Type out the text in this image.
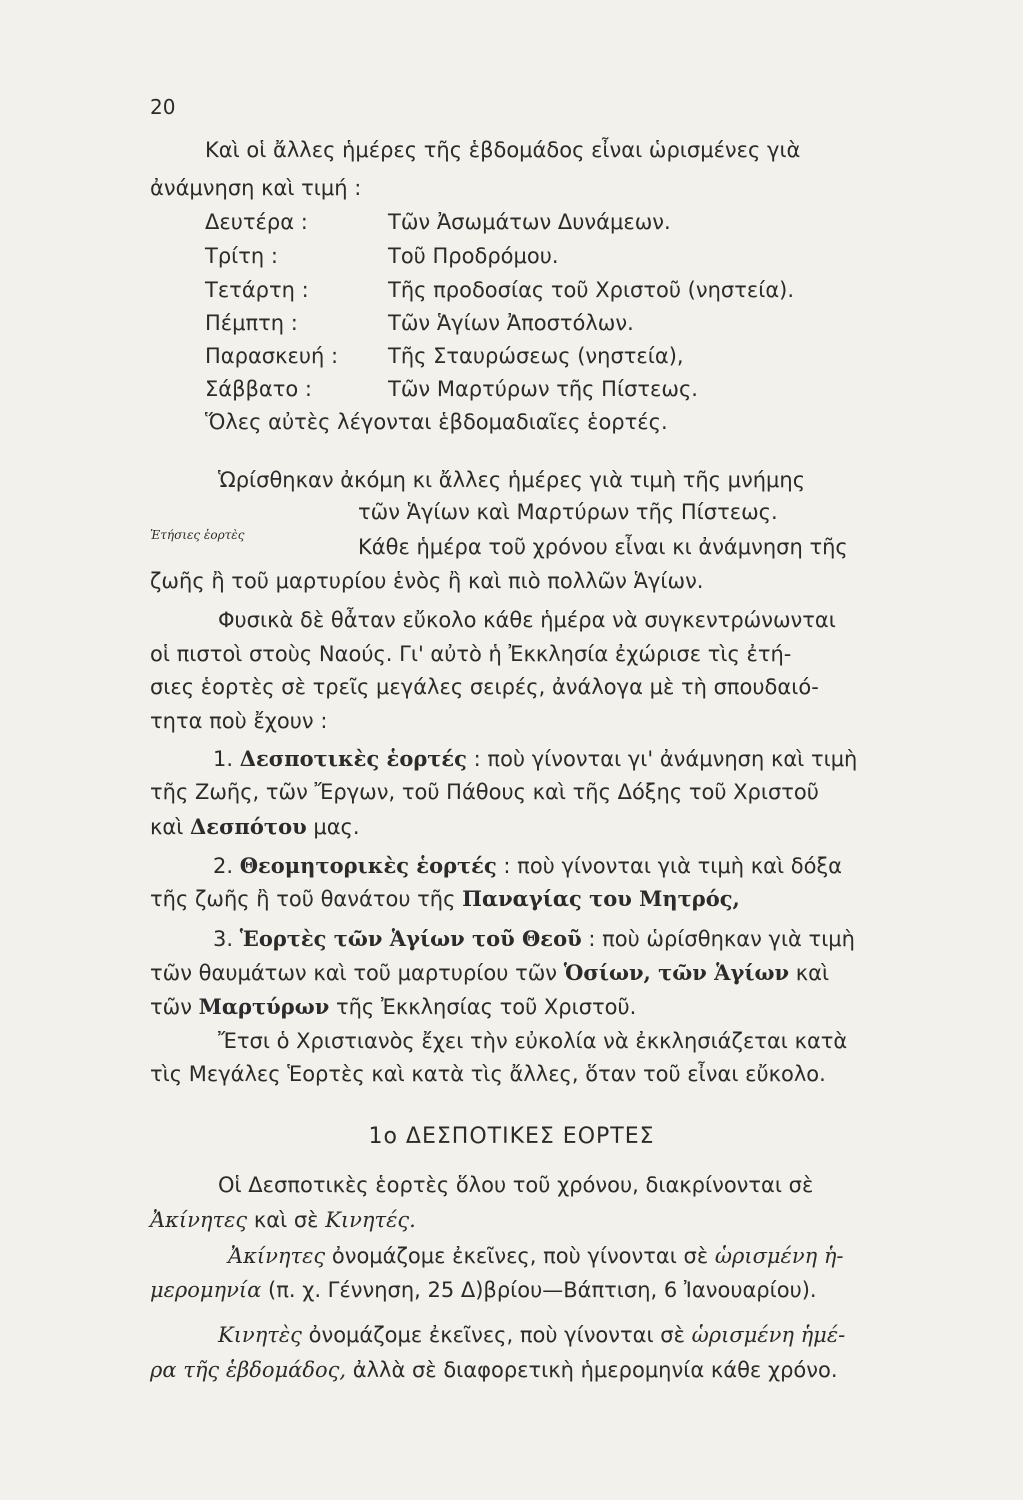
20
Καὶ οἱ ἄλλες ἡμέρες τῆς ἑβδομάδος εἶναι ὡρισμένες γιὰ
ἀνάμνηση καὶ τιμή :
Δευτέρα :	Τῶν Ἀσωμάτων Δυνάμεων.
Τρίτη :	Τοῦ Προδρόμου.
Τετάρτη :	Τῆς προδοσίας τοῦ Χριστοῦ (νηστεία).
Πέμπτη :	Τῶν Ἁγίων Ἀποστόλων.
Παρασκευή : Τῆς Σταυρώσεως (νηστεία),
Σάββατο :	Τῶν Μαρτύρων τῆς Πίστεως.
Ὅλες αὐτὲς λέγονται ἑβδομαδιαῖες ἑορτές.
Ὡρίσθηκαν ἀκόμη κι ἄλλες ἡμέρες γιὰ τιμὴ τῆς μνήμης
τῶν Ἁγίων καὶ Μαρτύρων τῆς Πίστεως.
Ἐτήσιες ἑορτὲς	Κάθε ἡμέρα τοῦ χρόνου εἶναι κι ἀνάμνηση τῆς
ζωῆς ἢ τοῦ μαρτυρίου ἑνὸς ἢ καὶ πιὸ πολλῶν Ἁγίων.
Φυσικὰ δὲ θἆταν εὔκολο κάθε ἡμέρα νὰ συγκεντρώνωνται
οἱ πιστοὶ στοὺς Ναούς. Γι' αὐτὸ ἡ Ἐκκλησία ἐχώρισε τὶς ἐτή-
σιες ἑορτὲς σὲ τρεῖς μεγάλες σειρές, ἀνάλογα μὲ τὴ σπουδαιό-
τητα ποὺ ἔχουν :
1. Δεσποτικὲς ἑορτές : ποὺ γίνονται γι' ἀνάμνηση καὶ τιμὴ
τῆς Ζωῆς, τῶν Ἔργων, τοῦ Πάθους καὶ τῆς Δόξης τοῦ Χριστοῦ
καὶ Δεσπότου μας.
2. Θεομητορικὲς ἑορτές : ποὺ γίνονται γιὰ τιμὴ καὶ δόξα
τῆς ζωῆς ἢ τοῦ θανάτου τῆς Παναγίας του Μητρός,
3. Ἑορτὲς τῶν Ἁγίων τοῦ Θεοῦ : ποὺ ὡρίσθηκαν γιὰ τιμὴ
τῶν θαυμάτων καὶ τοῦ μαρτυρίου τῶν Ὁσίων, τῶν Ἁγίων καὶ
τῶν Μαρτύρων τῆς Ἐκκλησίας τοῦ Χριστοῦ.
Ἔτσι ὁ Χριστιανὸς ἔχει τὴν εὐκολία νὰ ἐκκλησιάζεται κατὰ
τὶς Μεγάλες Ἑορτὲς καὶ κατὰ τὶς ἄλλες, ὅταν τοῦ εἶναι εὔκολο.
1ο ΔΕΣΠΟΤΙΚΕΣ ΕΟΡΤΕΣ
Οἱ Δεσποτικὲς ἑορτὲς ὅλου τοῦ χρόνου, διακρίνονται σὲ
Ἀκίνητες καὶ σὲ Κινητές.
Ἀκίνητες ὀνομάζομε ἐκεῖνες, ποὺ γίνονται σὲ ὡρισμένη ἡ-
μερομηνία (π. χ. Γέννηση, 25 Δ)βρίου—Βάπτιση, 6 Ἰανουαρίου).
Κινητὲς ὀνομάζομε ἐκεῖνες, ποὺ γίνονται σὲ ὡρισμένη ἡμέ-
ρα τῆς ἑβδομάδος, ἀλλὰ σὲ διαφορετικὴ ἡμερομηνία κάθε χρόνο.
